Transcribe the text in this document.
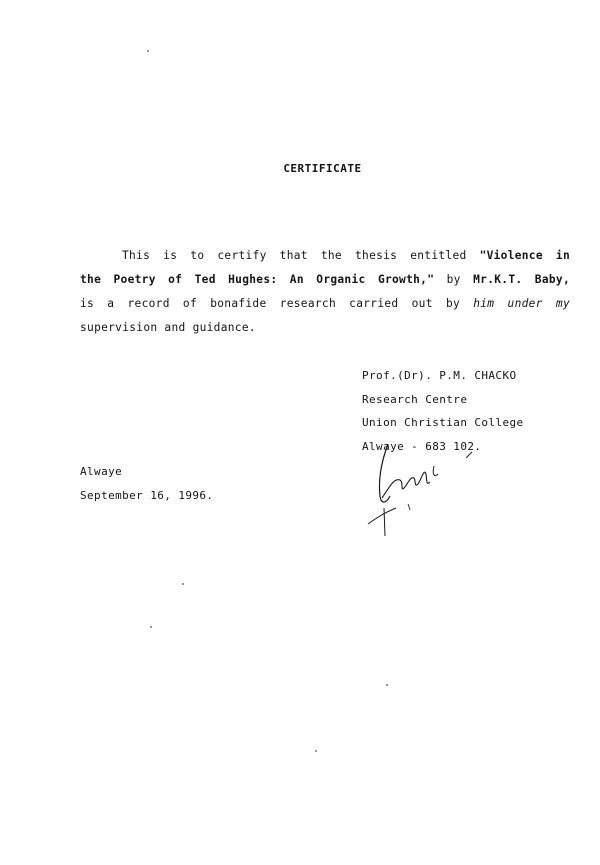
CERTIFICATE

This is to certify that the thesis entitled "Violence in
the Poetry of Ted Hughes: An Organic Growth," by Mr.K.T. Baby,
is a record of bonafide research carried out by him under my
supervision and guidance.

Prof.(Dr). P.M. CHACKO
Research Centre
Union Christian College
Alwaye - 683 102.
Alwaye
September 16, 1996.
